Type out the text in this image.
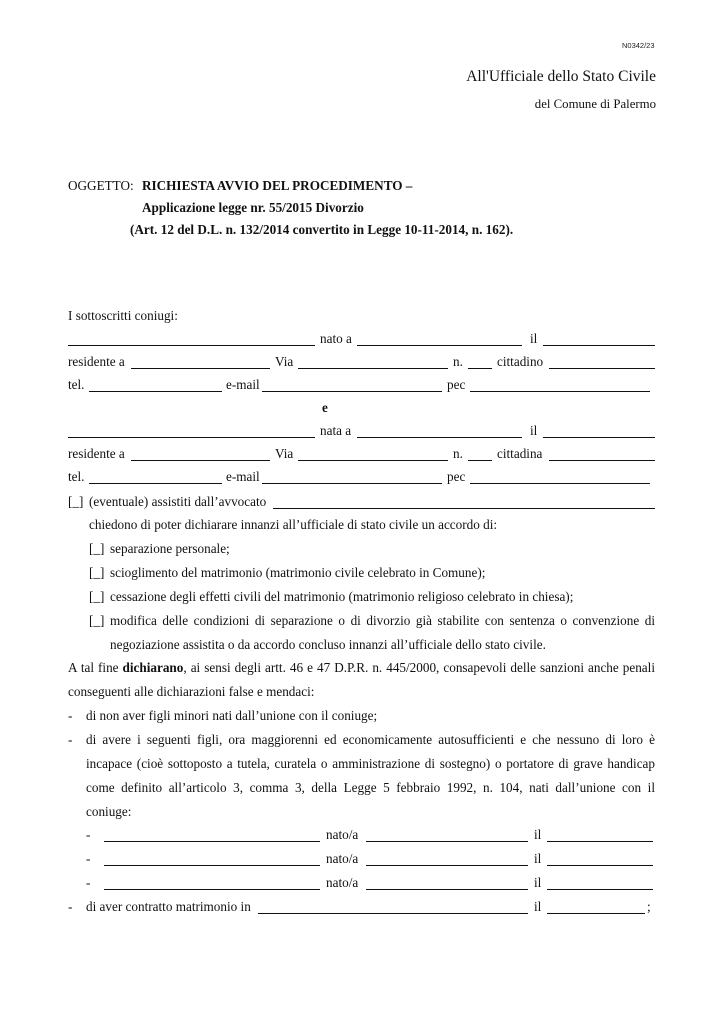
N0342/23
All'Ufficiale dello Stato Civile
del Comune di Palermo
OGGETTO: RICHIESTA AVVIO DEL PROCEDIMENTO –
Applicazione legge nr. 55/2015 Divorzio
(Art. 12 del D.L. n. 132/2014 convertito in Legge 10-11-2014, n. 162).
I sottoscritti coniugi:
nato a	il
residente a	Via	n.	cittadino
tel.	e-mail	pec
e
nata a	il
residente a	Via	n.	cittadina
tel.	e-mail	pec
[_] (eventuale) assistiti dall’avvocato
chiedono di poter dichiarare innanzi all’ufficiale di stato civile un accordo di:
[_] separazione personale;
[_] scioglimento del matrimonio (matrimonio civile celebrato in Comune);
[_] cessazione degli effetti civili del matrimonio (matrimonio religioso celebrato in chiesa);
[_] modifica delle condizioni di separazione o di divorzio già stabilite con sentenza o convenzione di
negoziazione assistita o da accordo concluso innanzi all’ufficiale dello stato civile.
A tal fine dichiarano, ai sensi degli artt. 46 e 47 D.P.R. n. 445/2000, consapevoli delle sanzioni anche penali
conseguenti alle dichiarazioni false e mendaci:
- di non aver figli minori nati dall’unione con il coniuge;
- di avere i seguenti figli, ora maggiorenni ed economicamente autosufficienti e che nessuno di loro è
incapace (cioè sottoposto a tutela, curatela o amministrazione di sostegno) o portatore di grave handicap
come definito all’articolo 3, comma 3, della Legge 5 febbraio 1992, n. 104, nati dall’unione con il
coniuge:
-	nato/a	il
-	nato/a	il
-	nato/a	il
- di aver contratto matrimonio in	il	;
